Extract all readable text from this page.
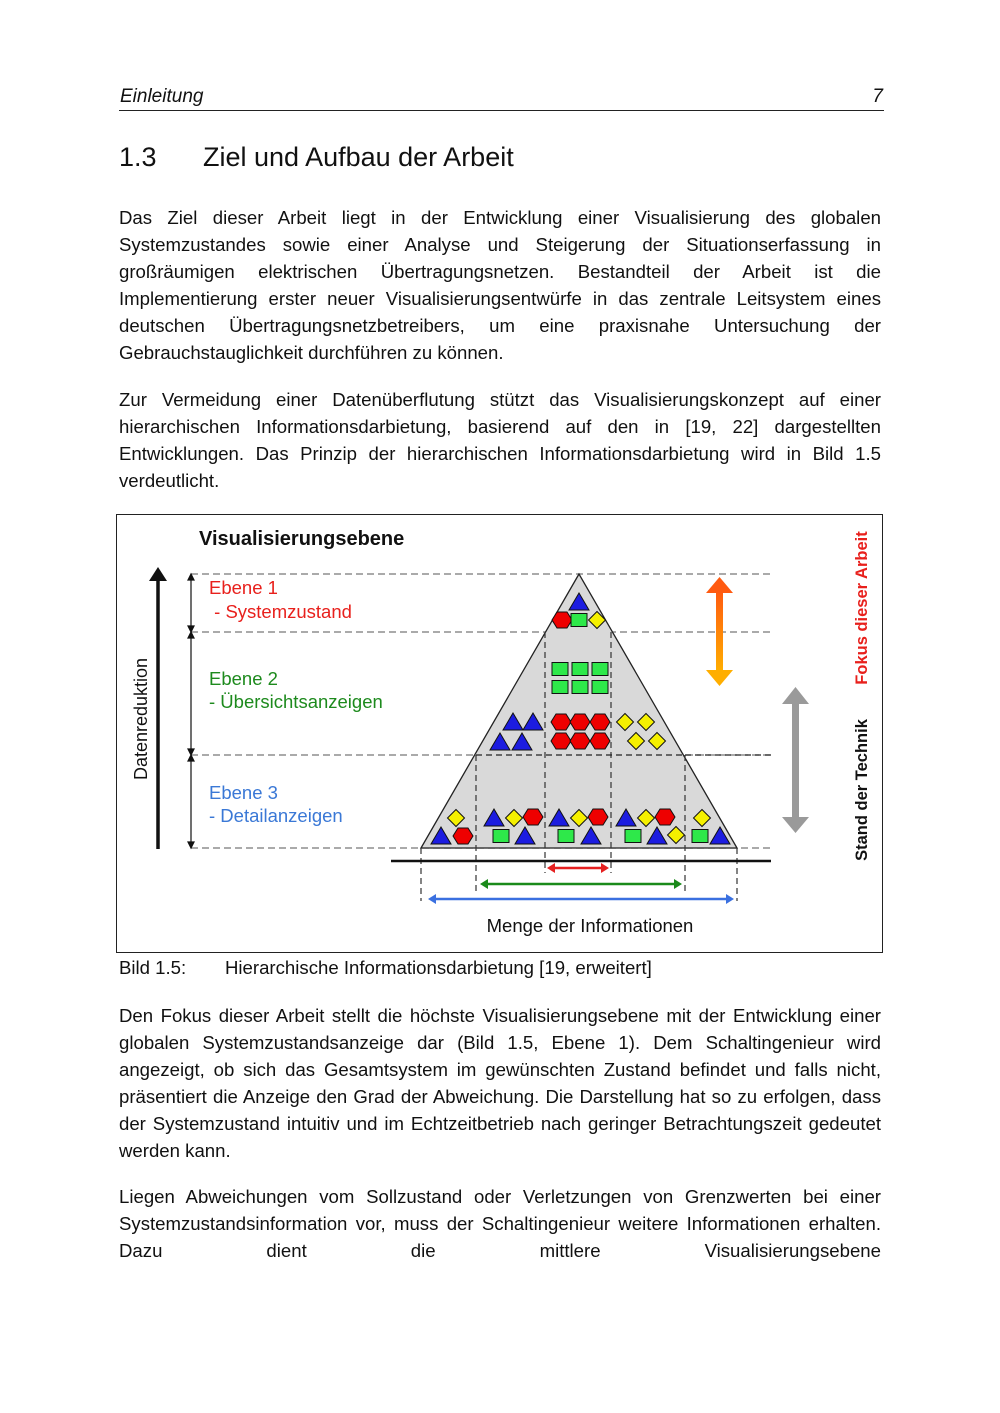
Einleitung	7
1.3 Ziel und Aufbau der Arbeit

Das Ziel dieser Arbeit liegt in der Entwicklung einer Visualisierung des globalen Systemzustandes sowie einer Analyse und Steigerung der Situationserfassung in großräumigen elektrischen Übertragungsnetzen. Bestandteil der Arbeit ist die Implementierung erster neuer Visualisierungsentwürfe in das zentrale Leitsystem eines deutschen Übertragungsnetzbetreibers, um eine praxisnahe Untersuchung der Gebrauchstauglichkeit durchführen zu können.

Zur Vermeidung einer Datenüberflutung stützt das Visualisierungskonzept auf einer hierarchischen Informationsdarbietung, basierend auf den in [19, 22] dargestellten Entwicklungen. Das Prinzip der hierarchischen Informationsdarbietung wird in Bild 1.5 verdeutlicht.

Visualisierungsebene
Datenreduktion
Ebene 1
- Systemzustand
Ebene 2
- Übersichtsanzeigen
Ebene 3
- Detailanzeigen
Menge der Informationen
Fokus dieser Arbeit
Stand der Technik
Bild 1.5: Hierarchische Informationsdarbietung [19, erweitert]

Den Fokus dieser Arbeit stellt die höchste Visualisierungsebene mit der Entwicklung einer globalen Systemzustandsanzeige dar (Bild 1.5, Ebene 1). Dem Schaltingenieur wird angezeigt, ob sich das Gesamtsystem im gewünschten Zustand befindet und falls nicht, präsentiert die Anzeige den Grad der Abweichung. Die Darstellung hat so zu erfolgen, dass der Systemzustand intuitiv und im Echtzeitbetrieb nach geringer Betrachtungszeit gedeutet werden kann.

Liegen Abweichungen vom Sollzustand oder Verletzungen von Grenzwerten bei einer Systemzustandsinformation vor, muss der Schaltingenieur weitere Informationen erhalten. Dazu dient die mittlere Visualisierungsebene
